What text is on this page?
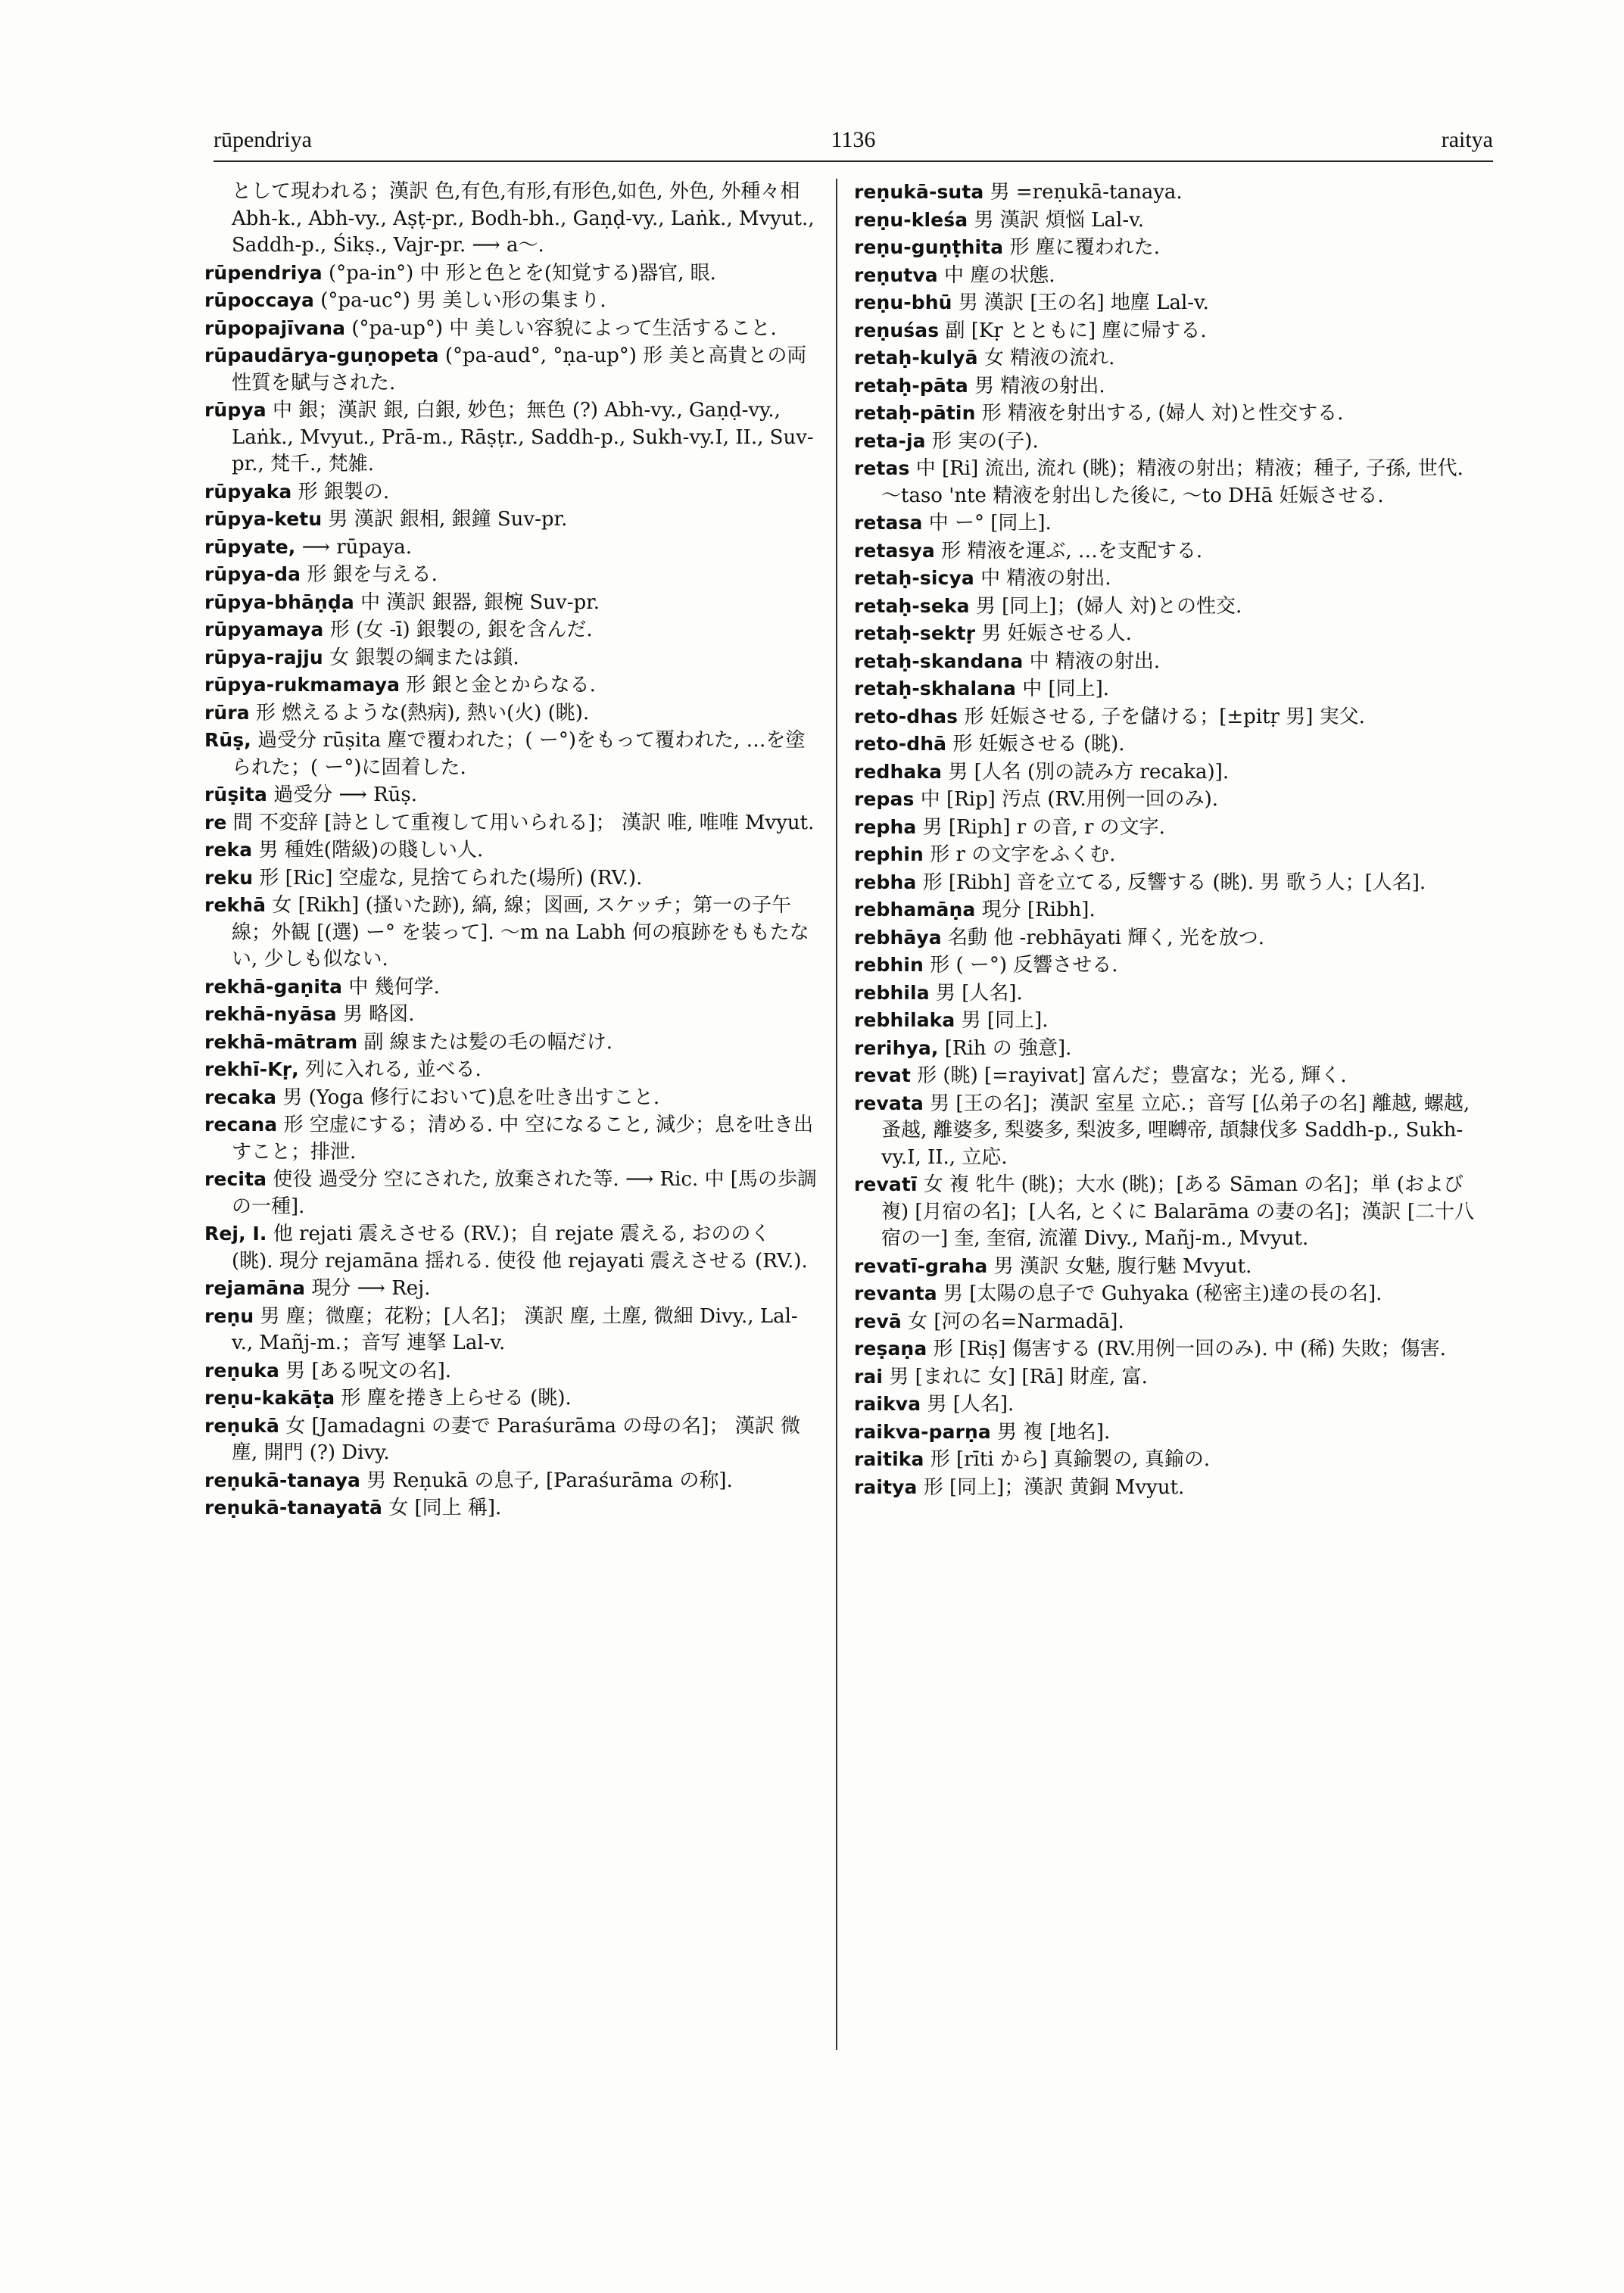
rūpendriya	1136	raitya

として現われる；漢訳 色,有色,有形,有形色,如色, 外色, 外種々相 Abh-k., Abh-vy., Aṣṭ-pr., Bodh-bh., Gaṇḍ-vy., Laṅk., Mvyut., Saddh-p., Śikṣ., Vajr-pr. ⟶ a〜.

rūpendriya (°pa-in°) 中 形と色とを(知覚する)器官, 眼.

rūpoccaya (°pa-uc°) 男 美しい形の集まり.

rūpopajīvana (°pa-up°) 中 美しい容貌によって生活すること.

rūpaudārya-guṇopeta (°pa-aud°, °ṇa-up°) 形 美と高貴との両性質を賦与された.

rūpya 中 銀；漢訳 銀, 白銀, 妙色；無色 (?) Abh-vy., Gaṇḍ-vy., Laṅk., Mvyut., Prā-m., Rāṣṭr., Saddh-p., Sukh-vy.I, II., Suv-pr., 梵千., 梵雑.

rūpyaka 形 銀製の.

rūpya-ketu 男 漢訳 銀相, 銀鐘 Suv-pr.

rūpyate, ⟶ rūpaya.

rūpya-da 形 銀を与える.

rūpya-bhāṇḍa 中 漢訳 銀器, 銀椀 Suv-pr.

rūpyamaya 形 (女 -ī) 銀製の, 銀を含んだ.

rūpya-rajju 女 銀製の綱または鎖.

rūpya-rukmamaya 形 銀と金とからなる.

rūra 形 燃えるような(熱病), 熱い(火) (眺).

Rūṣ, 過受分 rūṣita 塵で覆われた；( ー°)をもって覆われた, …を塗られた；( ー°)に固着した.

rūṣita 過受分 ⟶ Rūṣ.

re 間 不変辞 [詩として重複して用いられる]； 漢訳 唯, 唯唯 Mvyut.

reka 男 種姓(階級)の賤しい人.

reku 形 [Ric] 空虚な, 見捨てられた(場所) (RV.).

rekhā 女 [Rikh] (搔いた跡), 縞, 線；図画, スケッチ；第一の子午線；外観 [(選) ー° を装って]. 〜m na Labh 何の痕跡をももたない, 少しも似ない.

rekhā-gaṇita 中 幾何学.

rekhā-nyāsa 男 略図.

rekhā-mātram 副 線または髪の毛の幅だけ.

rekhī-Kṛ, 列に入れる, 並べる.

recaka 男 (Yoga 修行において)息を吐き出すこと.

recana 形 空虚にする；清める. 中 空になること, 減少；息を吐き出すこと；排泄.

recita 使役 過受分 空にされた, 放棄された等. ⟶ Ric. 中 [馬の歩調の一種].

Rej, I. 他 rejati 震えさせる (RV.)；自 rejate 震える, おののく (眺). 現分 rejamāna 揺れる. 使役 他 rejayati 震えさせる (RV.).

rejamāna 現分 ⟶ Rej.

reṇu 男 塵；微塵；花粉；[人名]； 漢訳 塵, 土塵, 微細 Divy., Lal-v., Mañj-m.；音写 連拏 Lal-v.

reṇuka 男 [ある呪文の名].

reṇu-kakāṭa 形 塵を捲き上らせる (眺).

reṇukā 女 [Jamadagni の妻で Paraśurāma の母の名]； 漢訳 微塵, 開門 (?) Divy.

reṇukā-tanaya 男 Reṇukā の息子, [Paraśurāma の称].

reṇukā-tanayatā 女 [同上 稱].

reṇukā-suta 男 =reṇukā-tanaya.

reṇu-kleśa 男 漢訳 煩悩 Lal-v.

reṇu-guṇṭhita 形 塵に覆われた.

reṇutva 中 塵の状態.

reṇu-bhū 男 漢訳 [王の名] 地塵 Lal-v.

reṇuśas 副 [Kṛ とともに] 塵に帰する.

retaḥ-kulyā 女 精液の流れ.

retaḥ-pāta 男 精液の射出.

retaḥ-pātin 形 精液を射出する, (婦人 対)と性交する.

reta-ja 形 実の(子).

retas 中 [Ri] 流出, 流れ (眺)；精液の射出；精液；種子, 子孫, 世代. 〜taso 'nte 精液を射出した後に, 〜to DHā 妊娠させる.

retasa 中 ー° [同上].

retasya 形 精液を運ぶ, …を支配する.

retaḥ-sicya 中 精液の射出.

retaḥ-seka 男 [同上]；(婦人 対)との性交.

retaḥ-sektṛ 男 妊娠させる人.

retaḥ-skandana 中 精液の射出.

retaḥ-skhalana 中 [同上].

reto-dhas 形 妊娠させる, 子を儲ける；[±pitṛ 男] 実父.

reto-dhā 形 妊娠させる (眺).

redhaka 男 [人名 (別の読み方 recaka)].

repas 中 [Rip] 汚点 (RV.用例一回のみ).

repha 男 [Riph] r の音, r の文字.

rephin 形 r の文字をふくむ.

rebha 形 [Ribh] 音を立てる, 反響する (眺). 男 歌う人；[人名].

rebhamāṇa 現分 [Ribh].

rebhāya 名動 他 -rebhāyati 輝く, 光を放つ.

rebhin 形 ( ー°) 反響させる.

rebhila 男 [人名].

rebhilaka 男 [同上].

rerihya, [Rih の 強意].

revat 形 (眺) [=rayivat] 富んだ；豊富な；光る, 輝く.

revata 男 [王の名]；漢訳 室星 立応.；音写 [仏弟子の名] 離越, 螺越, 蚤越, 離婆多, 梨婆多, 梨波多, 哩嚩帝, 頡隸伐多 Saddh-p., Sukh-vy.I, II., 立応.

revatī 女 複 牝牛 (眺)；大水 (眺)；[ある Sāman の名]；単 (および 複) [月宿の名]；[人名, とくに Balarāma の妻の名]；漢訳 [二十八宿の一] 奎, 奎宿, 流灌 Divy., Mañj-m., Mvyut.

revatī-graha 男 漢訳 女魅, 腹行魅 Mvyut.

revanta 男 [太陽の息子で Guhyaka (秘密主)達の長の名].

revā 女 [河の名=Narmadā].

reṣaṇa 形 [Riṣ] 傷害する (RV.用例一回のみ). 中 (稀) 失敗；傷害.

rai 男 [まれに 女] [Rā] 財産, 富.

raikva 男 [人名].

raikva-parṇa 男 複 [地名].

raitika 形 [rīti から] 真鍮製の, 真鍮の.

raitya 形 [同上]；漢訳 黄銅 Mvyut.
